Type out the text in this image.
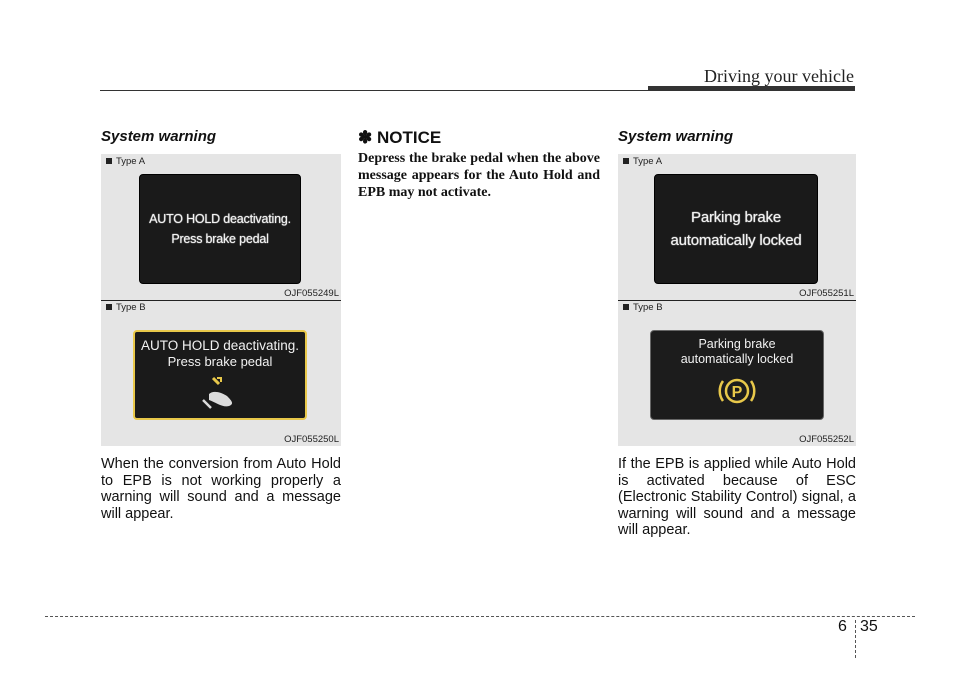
Driving your vehicle
System warning
Type A
AUTO HOLD deactivating.
Press brake pedal
OJF055249L
Type B
AUTO HOLD deactivating.
Press brake pedal
OJF055250L
When the conversion from Auto Hold to EPB is not working properly a warning will sound and a message will appear.
✽ NOTICE
Depress the brake pedal when the above message appears for the Auto Hold and EPB may not activate.
System warning
Type A
Parking brake
automatically locked
OJF055251L
Type B
Parking brake
automatically locked
P
OJF055252L
If the EPB is applied while Auto Hold is activated because of ESC (Electronic Stability Control) signal, a warning will sound and a message will appear.
6 35
